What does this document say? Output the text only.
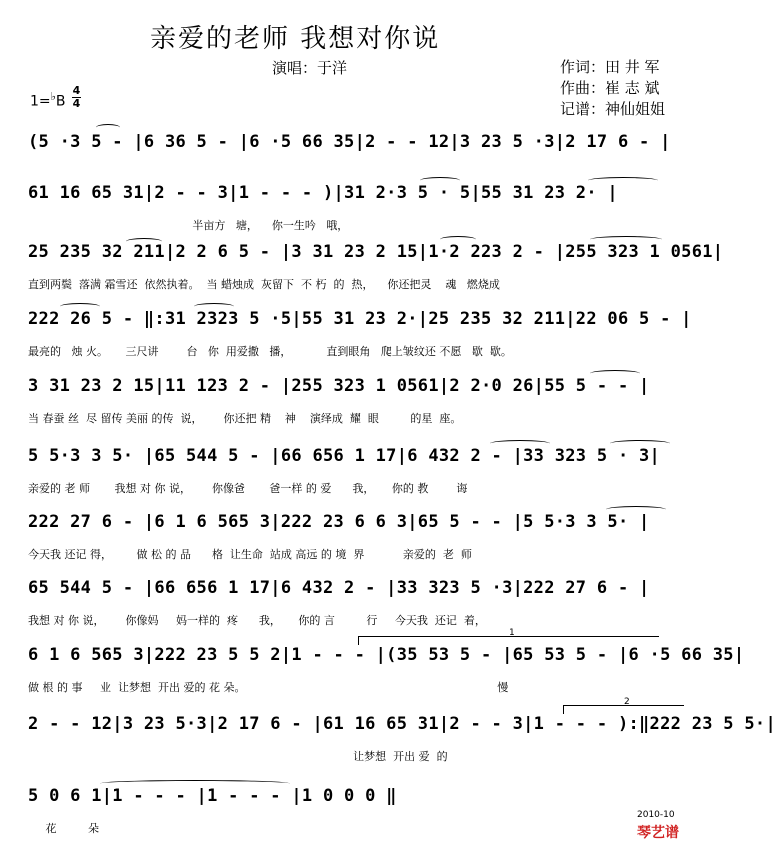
亲爱的老师 我想对你说
演唱：于洋	作词：田 井 军
作曲：崔 志 斌
记谱：神仙姐姐
1=♭B
4
4
(5 ·3 5 - |6 36 5 - |6 ·5 66 35|2 - - 12|3 23 5 ·3|2 17 6 - |
61 16 65 31|2 - - 3|1 - - - )|31 2·3 5 · 5|55 31 23 2· |
半亩方   塘，    你一生吟   哦，
25 235 32 211|2 2 6 5 - |3 31 23 2 15|1·2 223 2 - |255 323 1 0561|
直到两鬓  落满 霜雪还  依然执着。  当 蜡烛成  灰留下  不 朽  的  热，    你还把灵    魂   燃烧成
222 26 5 - ‖:31 2323 5 ·5|55 31 23 2·|25 235 32 211|22 06 5 - |
最亮的   烛 火。     三尺讲        台   你  用爱撒   播，          直到眼角   爬上皱纹还 不愿   歇  歇。
3 31 23 2 15|11 123 2 - |255 323 1 0561|2 2·0 26|55 5 - - |
当 春蚕 丝  尽 留传 美丽 的传  说，      你还把 精    神    演绎成  耀  眼         的星  座。
5 5·3 3 5· |65 544 5 - |66 656 1 17|6 432 2 - |33 323 5 · 3|
亲爱的 老 师       我想 对 你 说，      你像爸       爸一样 的 爱      我，     你的 教        诲
222 27 6 - |6 1 6 565 3|222 23 6 6 3|65 5 - - |5 5·3 3 5· |
今天我 还记 得，       做 松 的 品      格  让生命  站成 高远 的 境  界           亲爱的  老  师
65 544 5 - |66 656 1 17|6 432 2 - |33 323 5 ·3|222 27 6 - |
我想 对 你 说，      你像妈     妈一样的  疼      我，     你的 言         行     今天我  还记  着，
6 1 6 565 3|222 23 5 5 2|1 - - - |(35 53 5 - |65 53 5 - |6 ·5 66 35|
做 根 的 事     业  让梦想  开出 爱的 花 朵。                                                                        慢
2 - - 12|3 23 5·3|2 17 6 - |61 16 65 31|2 - - 3|1 - - - ):‖222 23 5 5·|
让梦想  开出 爱  的
5 0 6 1|1 - - - |1 - - - |1 0 0 0 ‖
花         朵
1
2
2010-10
琴艺谱
